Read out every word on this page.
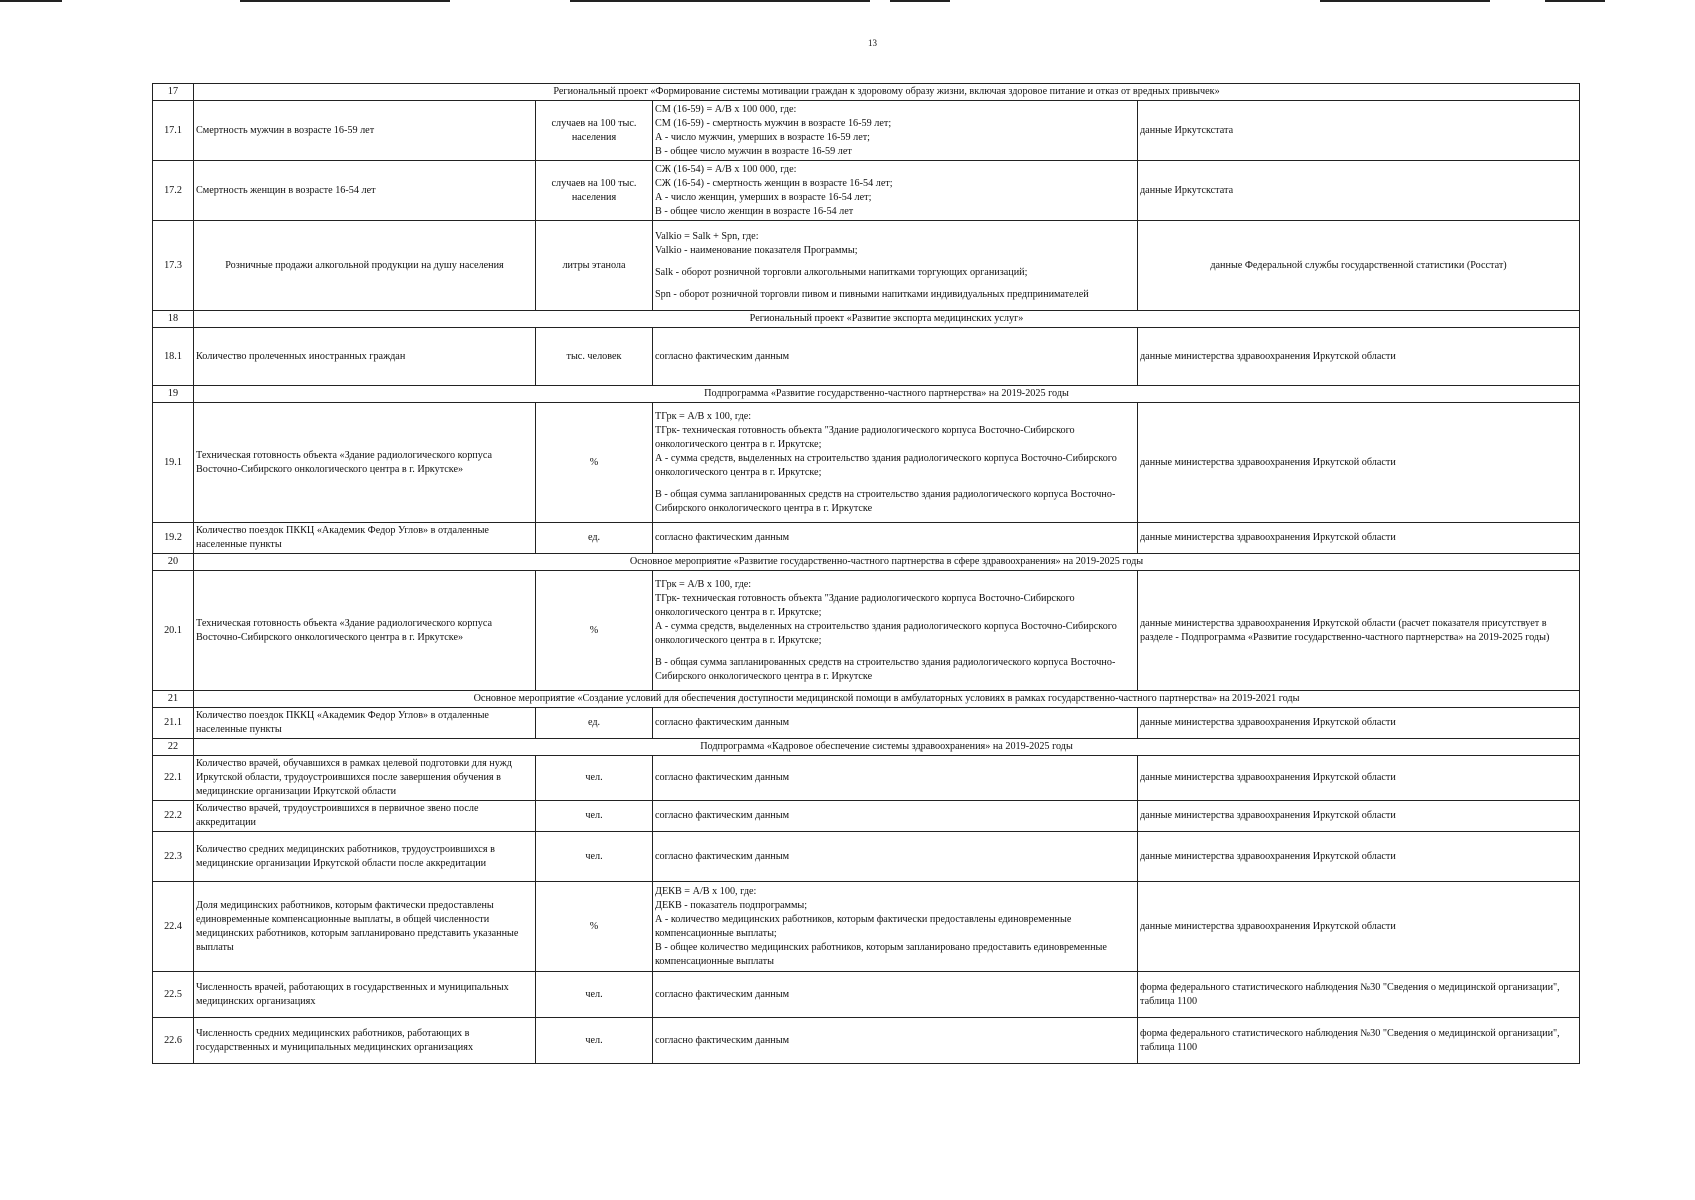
13
17	Региональный проект «Формирование системы мотивации граждан к здоровому образу жизни, включая здоровое питание и отказ от вредных привычек»			
17.1	Смертность мужчин в возрасте 16-59 лет	случаев на 100 тыс. населения	СМ (16-59) = А/В x 100 000, где:
СМ (16-59) - смертность мужчин в возрасте 16-59 лет;
А - число мужчин, умерших в возрасте 16-59 лет;
В - общее число мужчин в возрасте 16-59 лет	данные Иркутскстата
17.2	Смертность женщин в возрасте 16-54 лет	случаев на 100 тыс. населения	СЖ (16-54) = А/В x 100 000, где:
СЖ (16-54) - смертность женщин в возрасте 16-54 лет;
А - число женщин, умерших в возрасте 16-54 лет;
В - общее число женщин в возрасте 16-54 лет	данные Иркутскстата
17.3	Розничные продажи алкогольной продукции на душу населения	литры этанола	Valkio = Salk + Spn, где:
Valkio - наименование показателя Программы;
Salk - оборот розничной торговли алкогольными напитками торгующих организаций;
Spn - оборот розничной торговли пивом и пивными напитками индивидуальных предпринимателей	данные Федеральной службы государственной статистики (Росстат)
18	Региональный проект «Развитие экспорта медицинских услуг»			
18.1	Количество пролеченных иностранных граждан	тыс. человек	согласно фактическим данным	данные министерства здравоохранения Иркутской области
19	Подпрограмма «Развитие государственно-частного партнерства» на 2019-2025 годы			
19.1	Техническая готовность объекта «Здание радиологического корпуса Восточно-Сибирского онкологического центра в г. Иркутске»	%	ТГрк = А/В x 100, где:
ТГрк- техническая готовность объекта "Здание радиологического корпуса Восточно-Сибирского онкологического центра в г. Иркутске;
А - сумма средств, выделенных на строительство здания радиологического корпуса Восточно-Сибирского онкологического центра в г. Иркутске;
В - общая сумма запланированных средств на строительство здания радиологического корпуса Восточно-Сибирского онкологического центра в г. Иркутске	данные министерства здравоохранения Иркутской области
19.2	Количество поездок ПККЦ «Академик Федор Углов» в отдаленные населенные пункты	ед.	согласно фактическим данным	данные министерства здравоохранения Иркутской области
20	Основное мероприятие «Развитие государственно-частного партнерства в сфере здравоохранения» на 2019-2025 годы			
20.1	Техническая готовность объекта «Здание радиологического корпуса Восточно-Сибирского онкологического центра в г. Иркутске»	%	ТГрк = А/В x 100, где:
ТГрк- техническая готовность объекта "Здание радиологического корпуса Восточно-Сибирского онкологического центра в г. Иркутске;
А - сумма средств, выделенных на строительство здания радиологического корпуса Восточно-Сибирского онкологического центра в г. Иркутске;
В - общая сумма запланированных средств на строительство здания радиологического корпуса Восточно-Сибирского онкологического центра в г. Иркутске	данные министерства здравоохранения Иркутской области (расчет показателя присутствует в разделе - Подпрограмма «Развитие государственно-частного партнерства» на 2019-2025 годы)
21	Основное мероприятие «Создание условий для обеспечения доступности медицинской помощи в амбулаторных условиях в рамках государственно-частного партнерства» на 2019-2021 годы			
21.1	Количество поездок ПККЦ «Академик Федор Углов» в отдаленные населенные пункты	ед.	согласно фактическим данным	данные министерства здравоохранения Иркутской области
22	Подпрограмма «Кадровое обеспечение системы здравоохранения» на 2019-2025 годы			
22.1	Количество врачей, обучавшихся в рамках целевой подготовки для нужд Иркутской области, трудоустроившихся после завершения обучения в медицинские организации Иркутской области	чел.	согласно фактическим данным	данные министерства здравоохранения Иркутской области
22.2	Количество врачей, трудоустроившихся в первичное звено после аккредитации	чел.	согласно фактическим данным	данные министерства здравоохранения Иркутской области
22.3	Количество средних медицинских работников, трудоустроившихся в медицинские организации Иркутской области после аккредитации	чел.	согласно фактическим данным	данные министерства здравоохранения Иркутской области
22.4	Доля медицинских работников, которым фактически предоставлены единовременные компенсационные выплаты, в общей численности медицинских работников, которым запланировано представить указанные выплаты	%	ДЕКВ = А/В x 100, где:
ДЕКВ - показатель подпрограммы;
А - количество медицинских работников, которым фактически предоставлены единовременные компенсационные выплаты;
В - общее количество медицинских работников, которым запланировано предоставить единовременные компенсационные выплаты	данные министерства здравоохранения Иркутской области
22.5	Численность врачей, работающих в государственных и муниципальных медицинских организациях	чел.	согласно фактическим данным	форма федерального статистического наблюдения №30 "Сведения о медицинской организации", таблица 1100
22.6	Численность средних медицинских работников, работающих в государственных и муниципальных медицинских организациях	чел.	согласно фактическим данным	форма федерального статистического наблюдения №30 "Сведения о медицинской организации", таблица 1100
